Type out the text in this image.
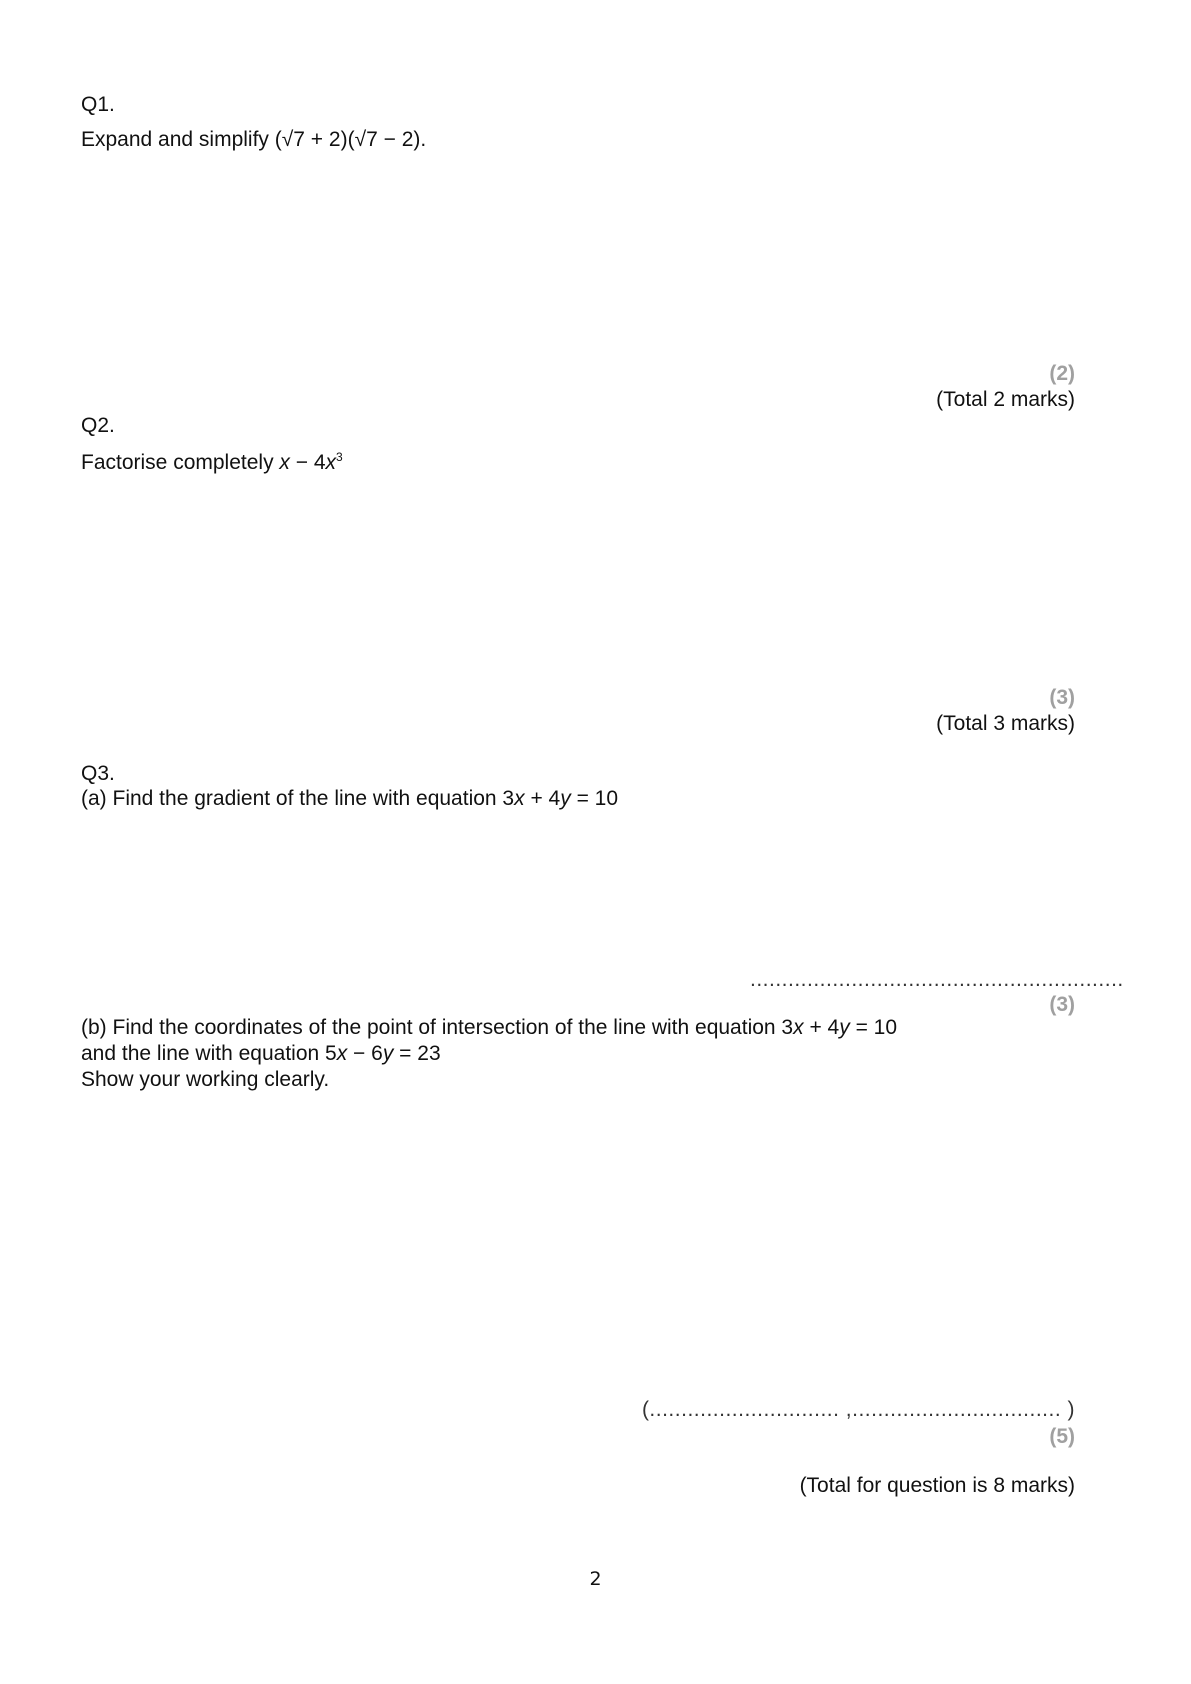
Q1.
Expand and simplify (√7 + 2)(√7 − 2).
(2)
(Total 2 marks)
Q2.
Factorise completely $x - 4x^3$
(3)
(Total 3 marks)
Q3.
(a) Find the gradient of the line with equation 3x + 4y = 10
...........................................................
(3)
(b) Find the coordinates of the point of intersection of the line with equation 3x + 4y = 10
and the line with equation 5x − 6y = 23
Show your working clearly.
(.............................. ,................................. )
(5)
(Total for question is 8 marks)
2
